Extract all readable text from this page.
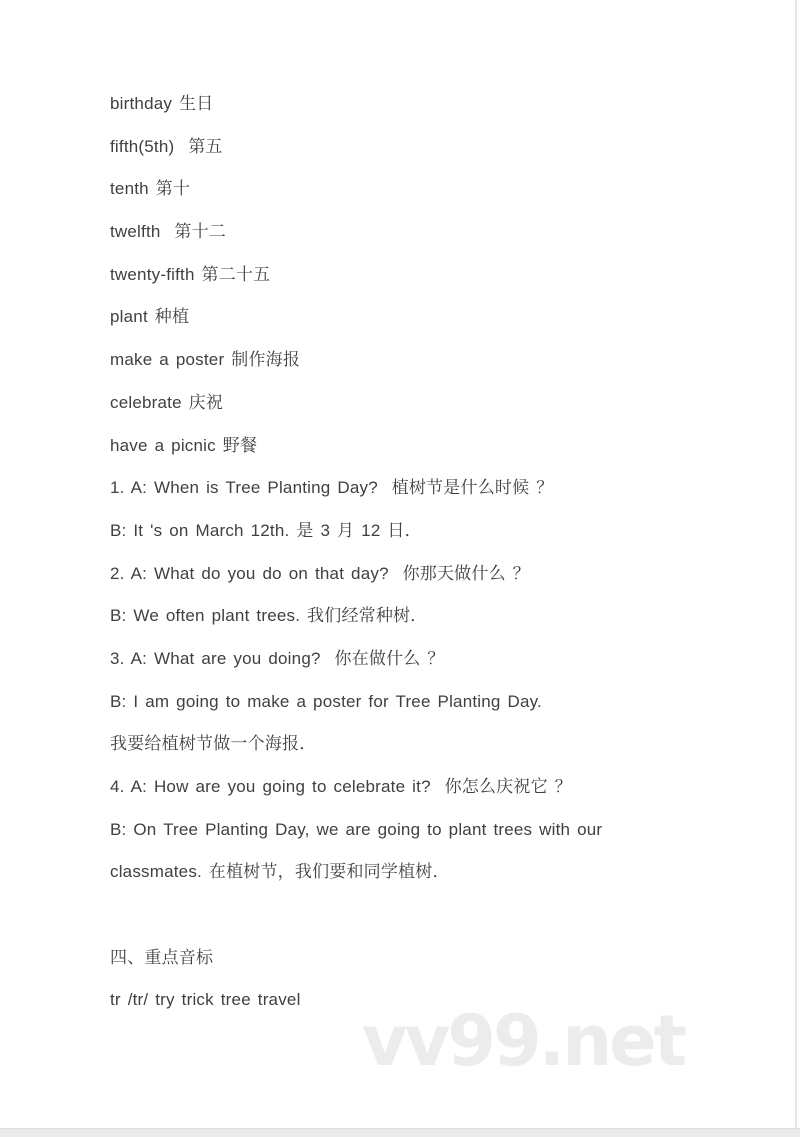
birthday 生日
fifth(5th)  第五
tenth 第十
twelfth  第十二
twenty-fifth 第二十五
plant 种植
make a poster 制作海报
celebrate 庆祝
have a picnic 野餐
1. A: When is Tree Planting Day?  植树节是什么时候 ？
B: It 's on March 12th. 是 3 月 12 日．
2. A: What do you do on that day?  你那天做什么 ？
B: We often plant trees. 我们经常种树．
3. A: What are you doing?  你在做什么 ？
B: I am going to make a poster for Tree Planting Day.
我要给植树节做一个海报．
4. A: How are you going to celebrate it?  你怎么庆祝它 ？
B: On Tree Planting Day, we are going to plant trees with our
classmates. 在植树节，我们要和同学植树．
四、重点音标
tr /tr/ try trick tree travel
vv99.net
